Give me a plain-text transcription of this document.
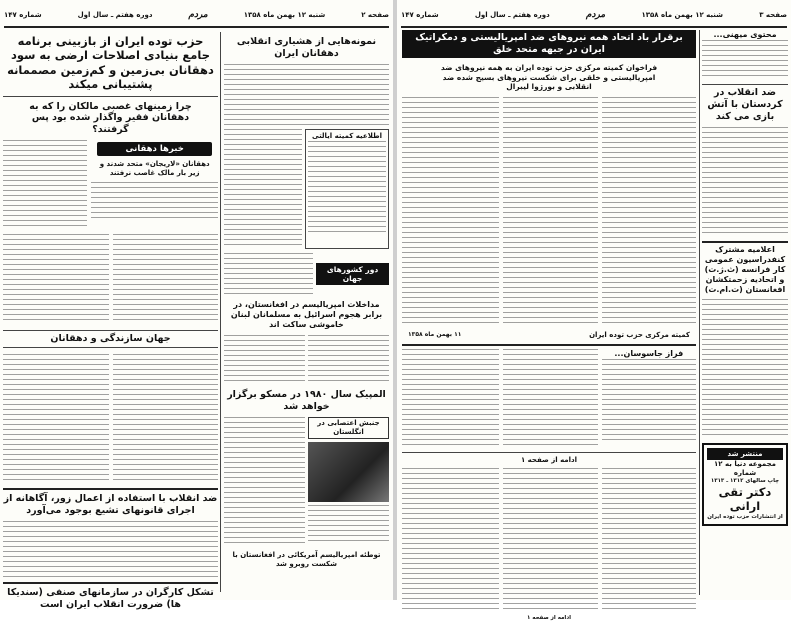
صفحه ۲
شنبه ۱۲ بهمن ماه ۱۳۵۸
مردم
دوره هفتم ـ سال اول
شماره ۱۴۷
حزب توده ایران از بازبینی برنامه جامع بنیادی اصلاحات ارضی به سود دهقانان بی‌زمین و کم‌زمین مصممانه پشتیبانی میکند
چرا زمینهای غصبی مالکان را که به دهقانان فقیر واگذار شده بود پس گرفتند؟
خبرها دهقانی
دهقانان «لاریجان» متحد شدند و زیر بار مالک غاصب نرفتند
جهان سازندگی و دهقانان
ضد انقلاب با استفاده از اعمال زور، آگاهانه از اجرای قانونهای تشیع بوجود می‌آورد
تشکل کارگران در سازمانهای صنفی (سندیکا ها) ضرورت انقلاب ایران است
نمونه‌هایی از هشیاری انقلابی دهقانان ایران
اطلاعیه کمیته ایالتی
دور کشورهای جهان
مداخلات امپریالیسم در افغانستان، در برابر هجوم اسرائیل به مسلمانان لبنان خاموشی ساکت اند
المپیک سال ۱۹۸۰ در مسکو برگزار خواهد شد
جنبش اعتصابی در انگلستان
توطئه امپریالیسم آمریکائی در افغانستان با شکست روبرو شد
صفحه ۳
شنبه ۱۲ بهمن ماه ۱۳۵۸
مردم
دوره هفتم ـ سال اول
شماره ۱۴۷
محتوی میهنی...
ضد انقلاب در کردستان با آتش بازی می کند
اعلامیه مشترک کنفدراسیون عمومی کار فرانسه (ث.ژ.ت) و اتحادیه زحمتکشان افغانستان (ت.ام.ت)
منتشر شد
مجموعه دنیا به ۱۲ شماره
چاپ سالهای ۱۳۱۲ ـ ۱۳۱۳
دکتر تقی ارانی
از انتشارات حزب توده ایران
برقرار باد اتحاد همه نیروهای ضد امپریالیستی و دمکراتیک ایران در جبهه متحد خلق
فراخوان کمیته مرکزی حزب توده ایران به همه نیروهای ضد امپریالیستی و خلقی برای شکست نیروهای بسیج شده ضد انقلابی و بورژوا لیبرال
کمیته مرکزی حزب توده ایران
۱۱ بهمن ماه ۱۳۵۸
فراز جاسوسان...
ادامه از صفحه ۱
ادامه از صفحه ۱
